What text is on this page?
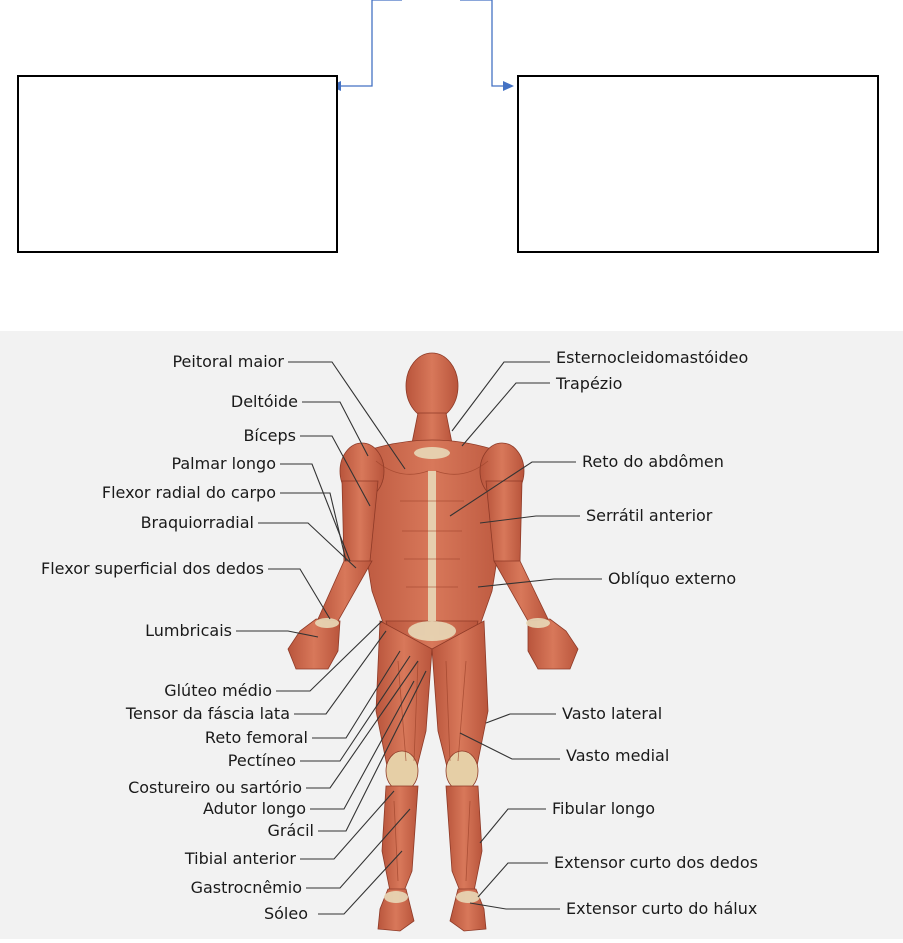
Peitoral maior
Deltóide
Bíceps
Palmar longo
Flexor radial do carpo
Braquiorradial
Flexor superficial dos dedos
Lumbricais
Glúteo médio
Tensor da fáscia lata
Reto femoral
Pectíneo
Costureiro ou sartório
Adutor longo
Grácil
Tibial anterior
Gastrocnêmio
Sóleo
Esternocleidomastóideo
Trapézio
Reto do abdômen
Serrátil anterior
Oblíquo externo
Vasto lateral
Vasto medial
Fibular longo
Extensor curto dos dedos
Extensor curto do hálux
